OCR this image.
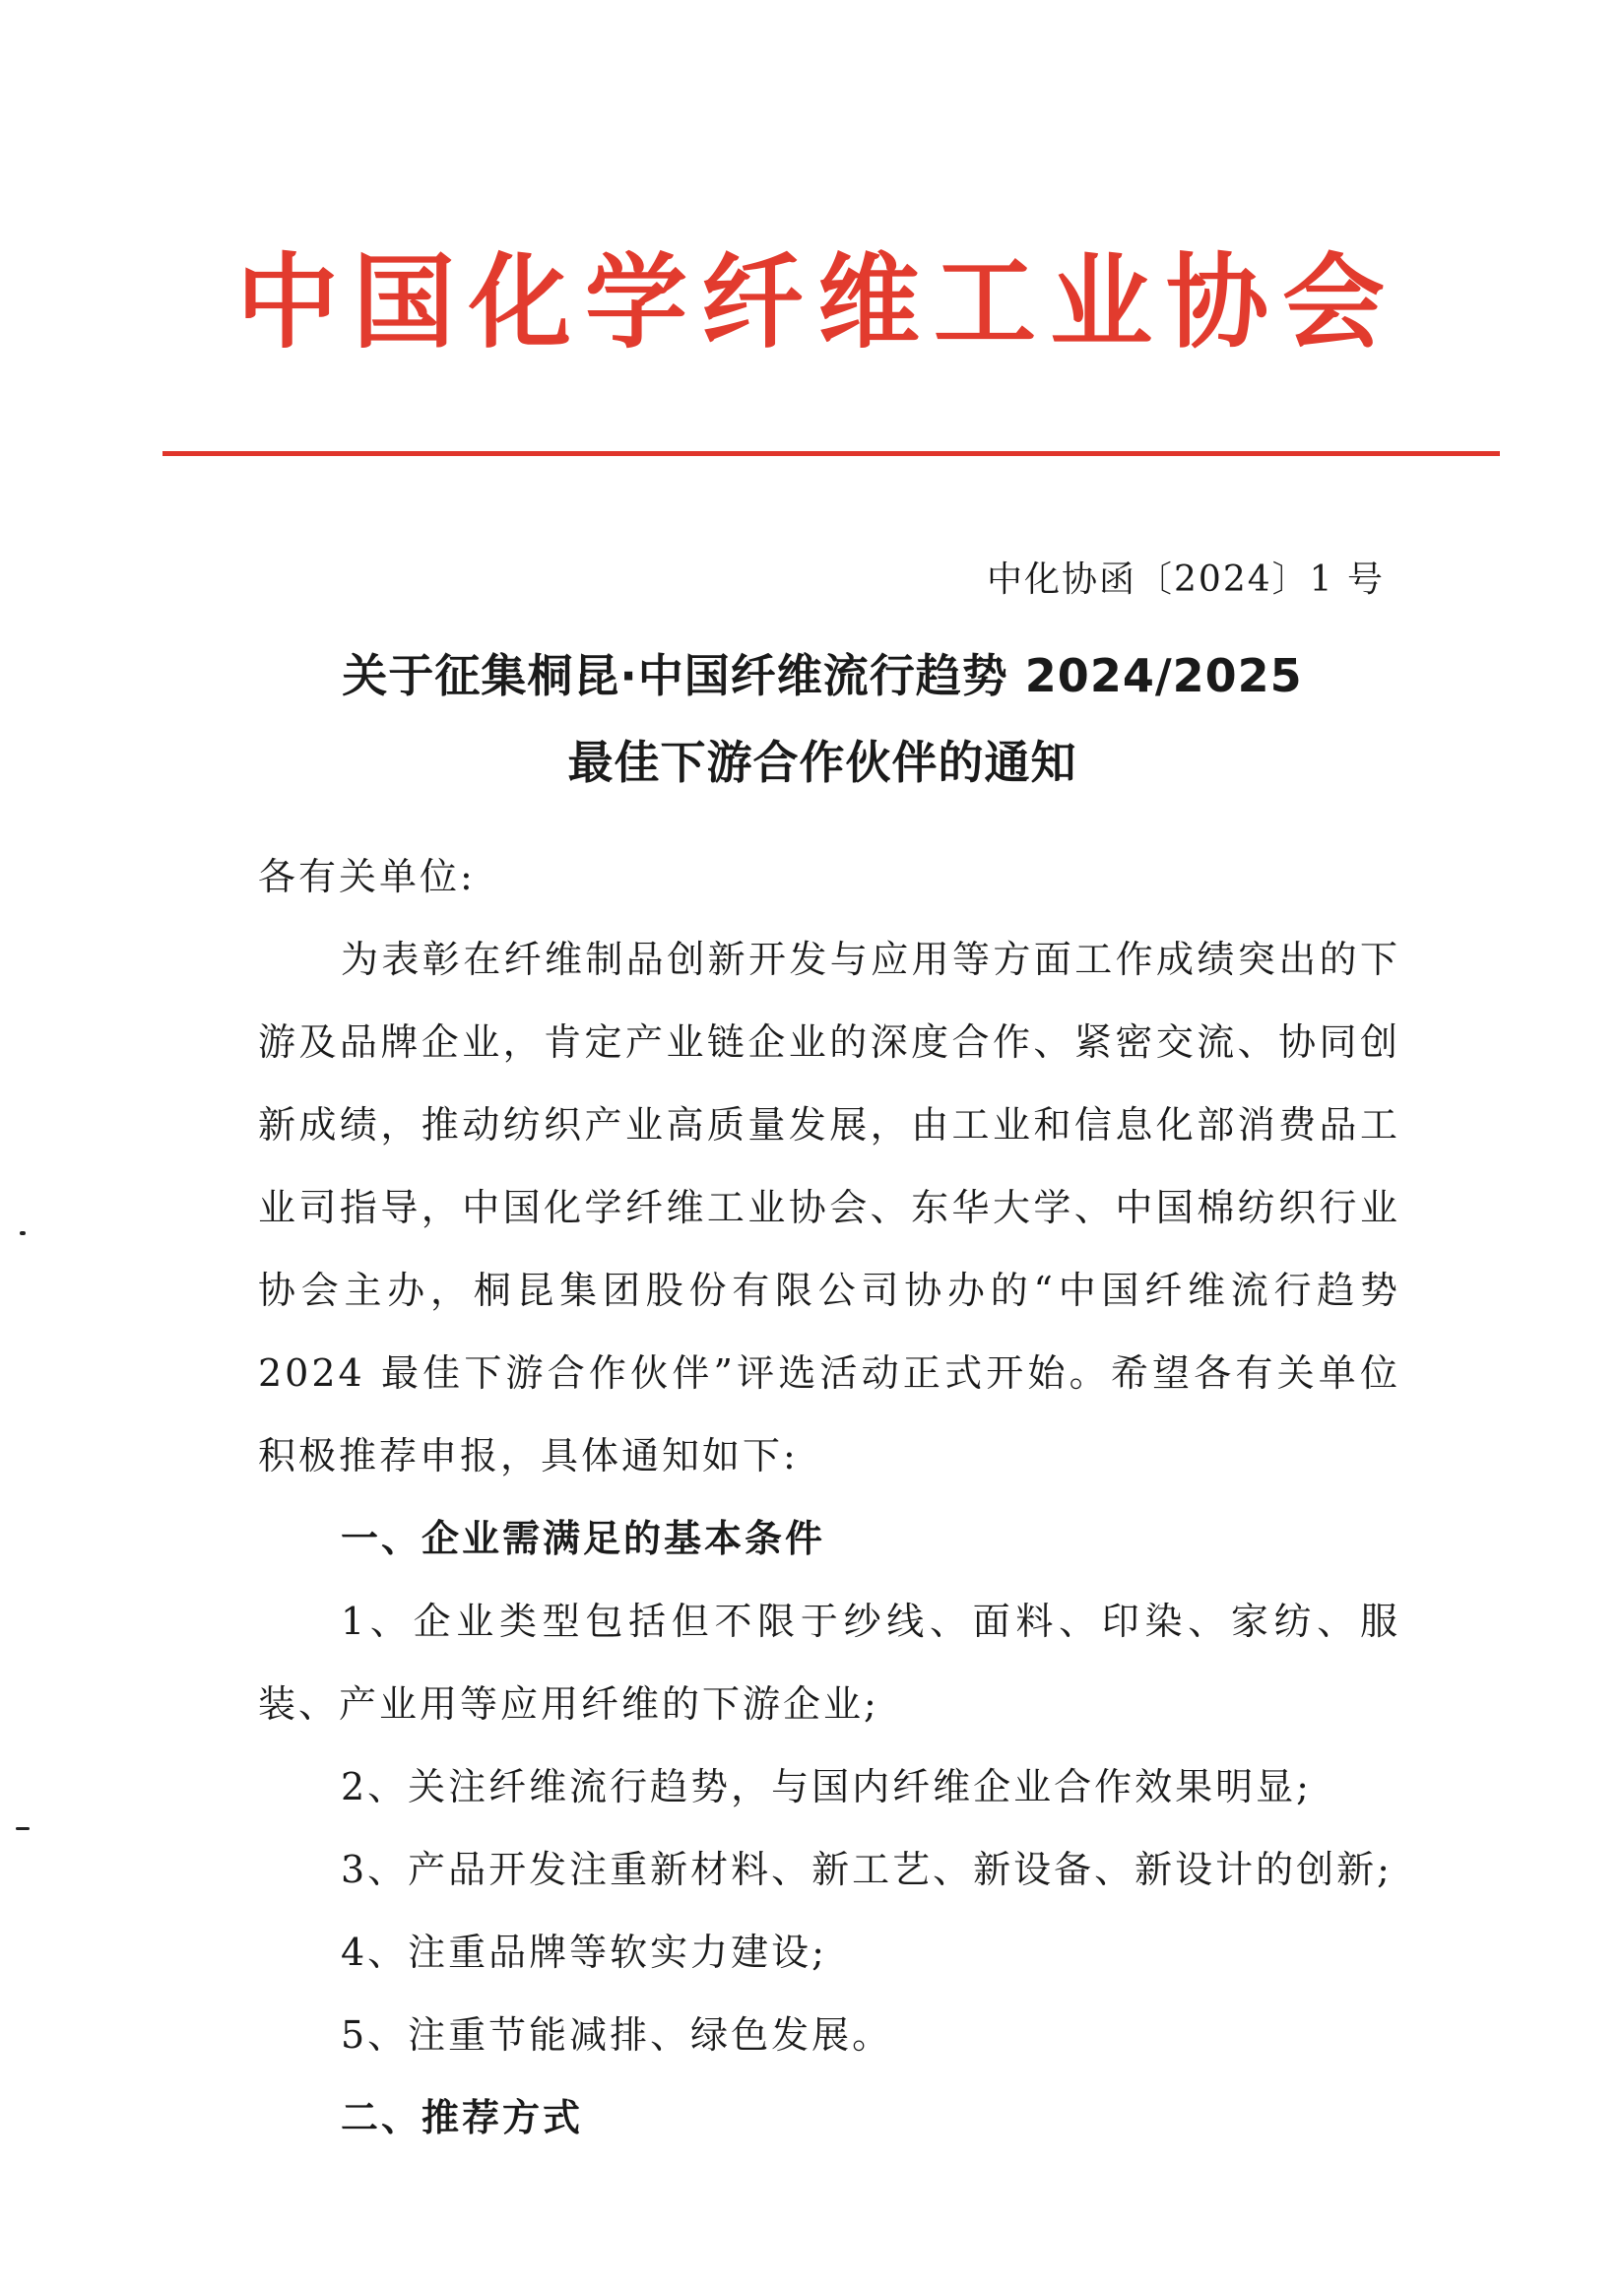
中国化学纤维工业协会
中化协函〔2024〕1 号
关于征集桐昆·中国纤维流行趋势 2024/2025
最佳下游合作伙伴的通知

各有关单位:

为表彰在纤维制品创新开发与应用等方面工作成绩突出的下游及品牌企业，肯定产业链企业的深度合作、紧密交流、协同创新成绩，推动纺织产业高质量发展，由工业和信息化部消费品工业司指导，中国化学纤维工业协会、东华大学、中国棉纺织行业协会主办，桐昆集团股份有限公司协办的“中国纤维流行趋势 2024 最佳下游合作伙伴”评选活动正式开始。希望各有关单位积极推荐申报，具体通知如下:

一、企业需满足的基本条件

1、企业类型包括但不限于纱线、面料、印染、家纺、服装、产业用等应用纤维的下游企业;

2、关注纤维流行趋势，与国内纤维企业合作效果明显;

3、产品开发注重新材料、新工艺、新设备、新设计的创新;

4、注重品牌等软实力建设;

5、注重节能减排、绿色发展。

二、推荐方式
